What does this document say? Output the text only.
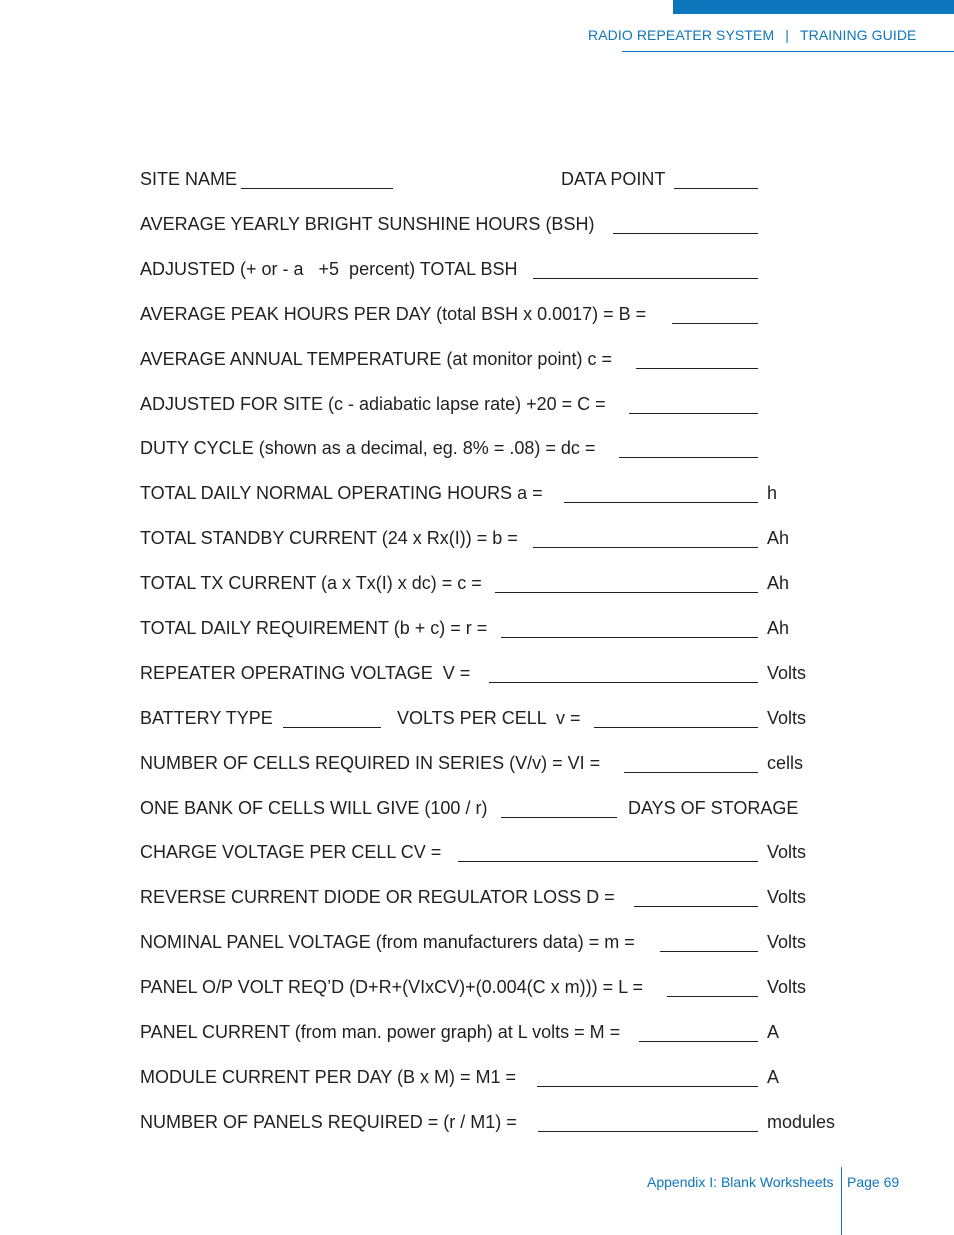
RADIO REPEATER SYSTEM | TRAINING GUIDE
SITE NAME	DATA POINT
AVERAGE YEARLY BRIGHT SUNSHINE HOURS (BSH)
ADJUSTED (+ or - a   +5  percent) TOTAL BSH
AVERAGE PEAK HOURS PER DAY (total BSH x 0.0017) = B =
AVERAGE ANNUAL TEMPERATURE (at monitor point) c =
ADJUSTED FOR SITE (c - adiabatic lapse rate) +20 = C =
DUTY CYCLE (shown as a decimal, eg. 8% = .08) = dc =
TOTAL DAILY NORMAL OPERATING HOURS a =	h
TOTAL STANDBY CURRENT (24 x Rx(I)) = b =	Ah
TOTAL TX CURRENT (a x Tx(I) x dc) = c =	Ah
TOTAL DAILY REQUIREMENT (b + c) = r =	Ah
REPEATER OPERATING VOLTAGE  V =	Volts
BATTERY TYPE	VOLTS PER CELL  v =	Volts
NUMBER OF CELLS REQUIRED IN SERIES (V/v) = VI =	cells
ONE BANK OF CELLS WILL GIVE (100 / r)	DAYS OF STORAGE
CHARGE VOLTAGE PER CELL CV =	Volts
REVERSE CURRENT DIODE OR REGULATOR LOSS D =	Volts
NOMINAL PANEL VOLTAGE (from manufacturers data) = m =	Volts
PANEL O/P VOLT REQ’D (D+R+(VIxCV)+(0.004(C x m))) = L =	Volts
PANEL CURRENT (from man. power graph) at L volts = M =	A
MODULE CURRENT PER DAY (B x M) = M1 =	A
NUMBER OF PANELS REQUIRED = (r / M1) =	modules
Appendix I: Blank Worksheets Page 69
